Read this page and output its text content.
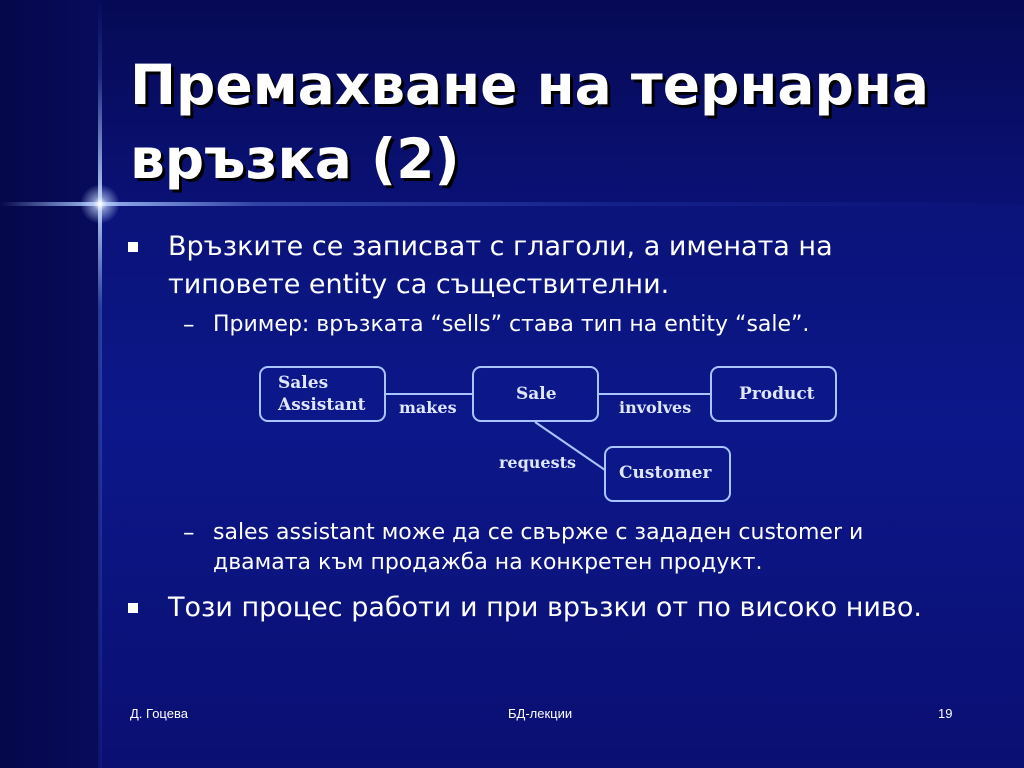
Премахване на тернарна връзка (2)
Връзките се записват с глаголи, а имената на типовете entity са съществителни.
– Пример: връзката “sells” става тип на entity “sale”.
Sales
Assistant
Sale	Product
Customer
makes	involves
requests
– sales assistant може да се свърже с зададен customer и двамата към продажба на конкретен продукт.
Този процес работи и при връзки от по високо ниво.
Д. Гоцева	БД-лекции	19
